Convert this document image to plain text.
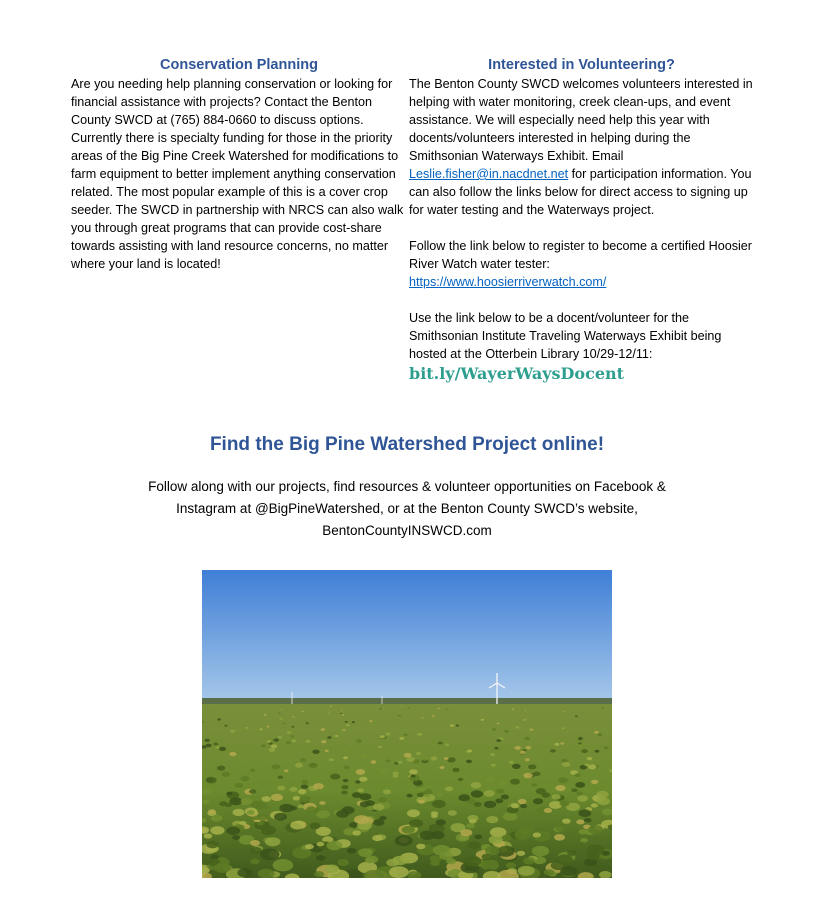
Conservation Planning

Are you needing help planning conservation or looking for financial assistance with projects? Contact the Benton County SWCD at (765) 884-0660 to discuss options. Currently there is specialty funding for those in the priority areas of the Big Pine Creek Watershed for modifications to farm equipment to better implement anything conservation related. The most popular example of this is a cover crop seeder. The SWCD in partnership with NRCS can also walk you through great programs that can provide cost-share towards assisting with land resource concerns, no matter where your land is located!

Interested in Volunteering?

The Benton County SWCD welcomes volunteers interested in helping with water monitoring, creek clean-ups, and event assistance. We will especially need help this year with docents/volunteers interested in helping during the Smithsonian Waterways Exhibit. Email Leslie.fisher@in.nacdnet.net for participation information. You can also follow the links below for direct access to signing up for water testing and the Waterways project.

Follow the link below to register to become a certified Hoosier River Watch water tester:

https://www.hoosierriverwatch.com/

Use the link below to be a docent/volunteer for the Smithsonian Institute Traveling Waterways Exhibit being hosted at the Otterbein Library 10/29-12/11:

bit.ly/WayerWaysDocent
Find the Big Pine Watershed Project online!
Follow along with our projects, find resources & volunteer opportunities on Facebook &
Instagram at @BigPineWatershed, or at the Benton County SWCD’s website,
BentonCountyINSWCD.com
